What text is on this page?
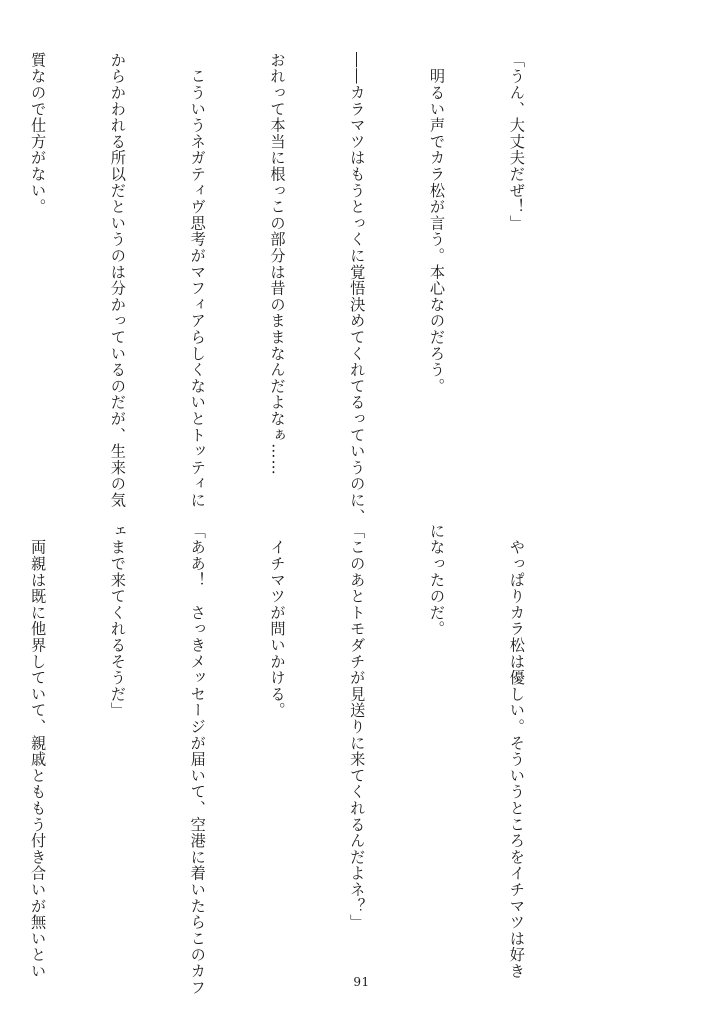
「うん、大丈夫だぜ！」

　明るい声でカラ松が言う。本心なのだろう。

――カラマツはもうとっくに覚悟決めてくれてるっていうのに、

おれって本当に根っこの部分は昔のままなんだよなぁ……

　こういうネガティヴ思考がマフィアらしくないとトッティに

からかわれる所以だというのは分かっているのだが、生来の気

質なので仕方がない。

　やっぱりカラ松は優しい。そういうところをイチマツは好き

になったのだ。

「このあとトモダチが見送りに来てくれるんだよネ？」

　イチマツが問いかける。

「ああ！　さっきメッセージが届いて、空港に着いたらこのカフ

ェまで来てくれるそうだ」

　両親は既に他界していて、親戚とももう付き合いが無いとい

91
